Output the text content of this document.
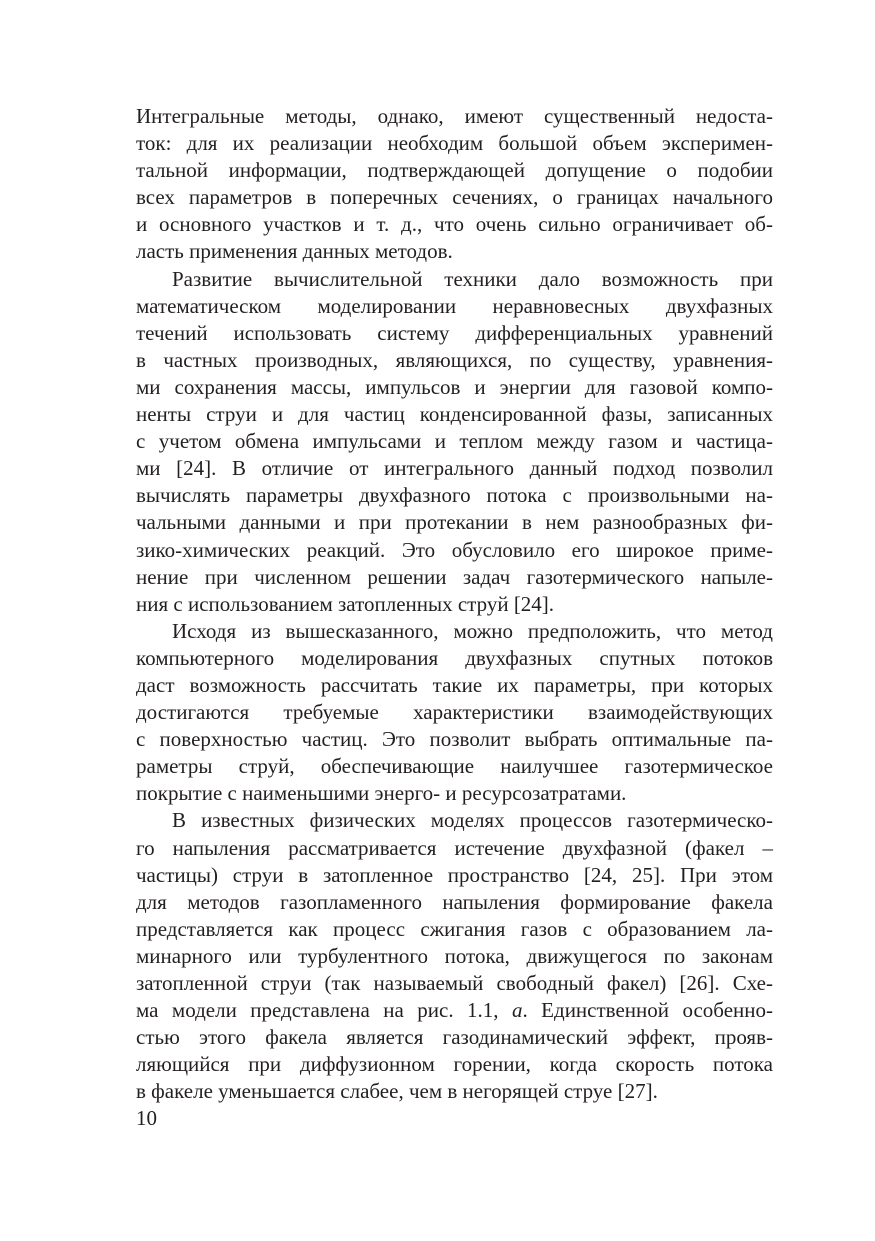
Интегральные методы, однако, имеют существенный недоста-
ток: для их реализации необходим большой объем эксперимен-
тальной информации, подтверждающей допущение о подобии
всех параметров в поперечных сечениях, о границах начального
и основного участков и т. д., что очень сильно ограничивает об-
ласть применения данных методов.
Развитие вычислительной техники дало возможность при
математическом моделировании неравновесных двухфазных
течений использовать систему дифференциальных уравнений
в частных производных, являющихся, по существу, уравнения-
ми сохранения массы, импульсов и энергии для газовой компо-
ненты струи и для частиц конденсированной фазы, записанных
с учетом обмена импульсами и теплом между газом и частица-
ми [24]. В отличие от интегрального данный подход позволил
вычислять параметры двухфазного потока с произвольными на-
чальными данными и при протекании в нем разнообразных фи-
зико-химических реакций. Это обусловило его широкое приме-
нение при численном решении задач газотермического напыле-
ния с использованием затопленных струй [24].
Исходя из вышесказанного, можно предположить, что метод
компьютерного моделирования двухфазных спутных потоков
даст возможность рассчитать такие их параметры, при которых
достигаются требуемые характеристики взаимодействующих
с поверхностью частиц. Это позволит выбрать оптимальные па-
раметры струй, обеспечивающие наилучшее газотермическое
покрытие с наименьшими энерго- и ресурсозатратами.
В известных физических моделях процессов газотермическо-
го напыления рассматривается истечение двухфазной (факел –
частицы) струи в затопленное пространство [24, 25]. При этом
для методов газопламенного напыления формирование факела
представляется как процесс сжигания газов с образованием ла-
минарного или турбулентного потока, движущегося по законам
затопленной струи (так называемый свободный факел) [26]. Схе-
ма модели представлена на рис. 1.1, а. Единственной особенно-
стью этого факела является газодинамический эффект, прояв-
ляющийся при диффузионном горении, когда скорость потока
в факеле уменьшается слабее, чем в негорящей струе [27].
10
